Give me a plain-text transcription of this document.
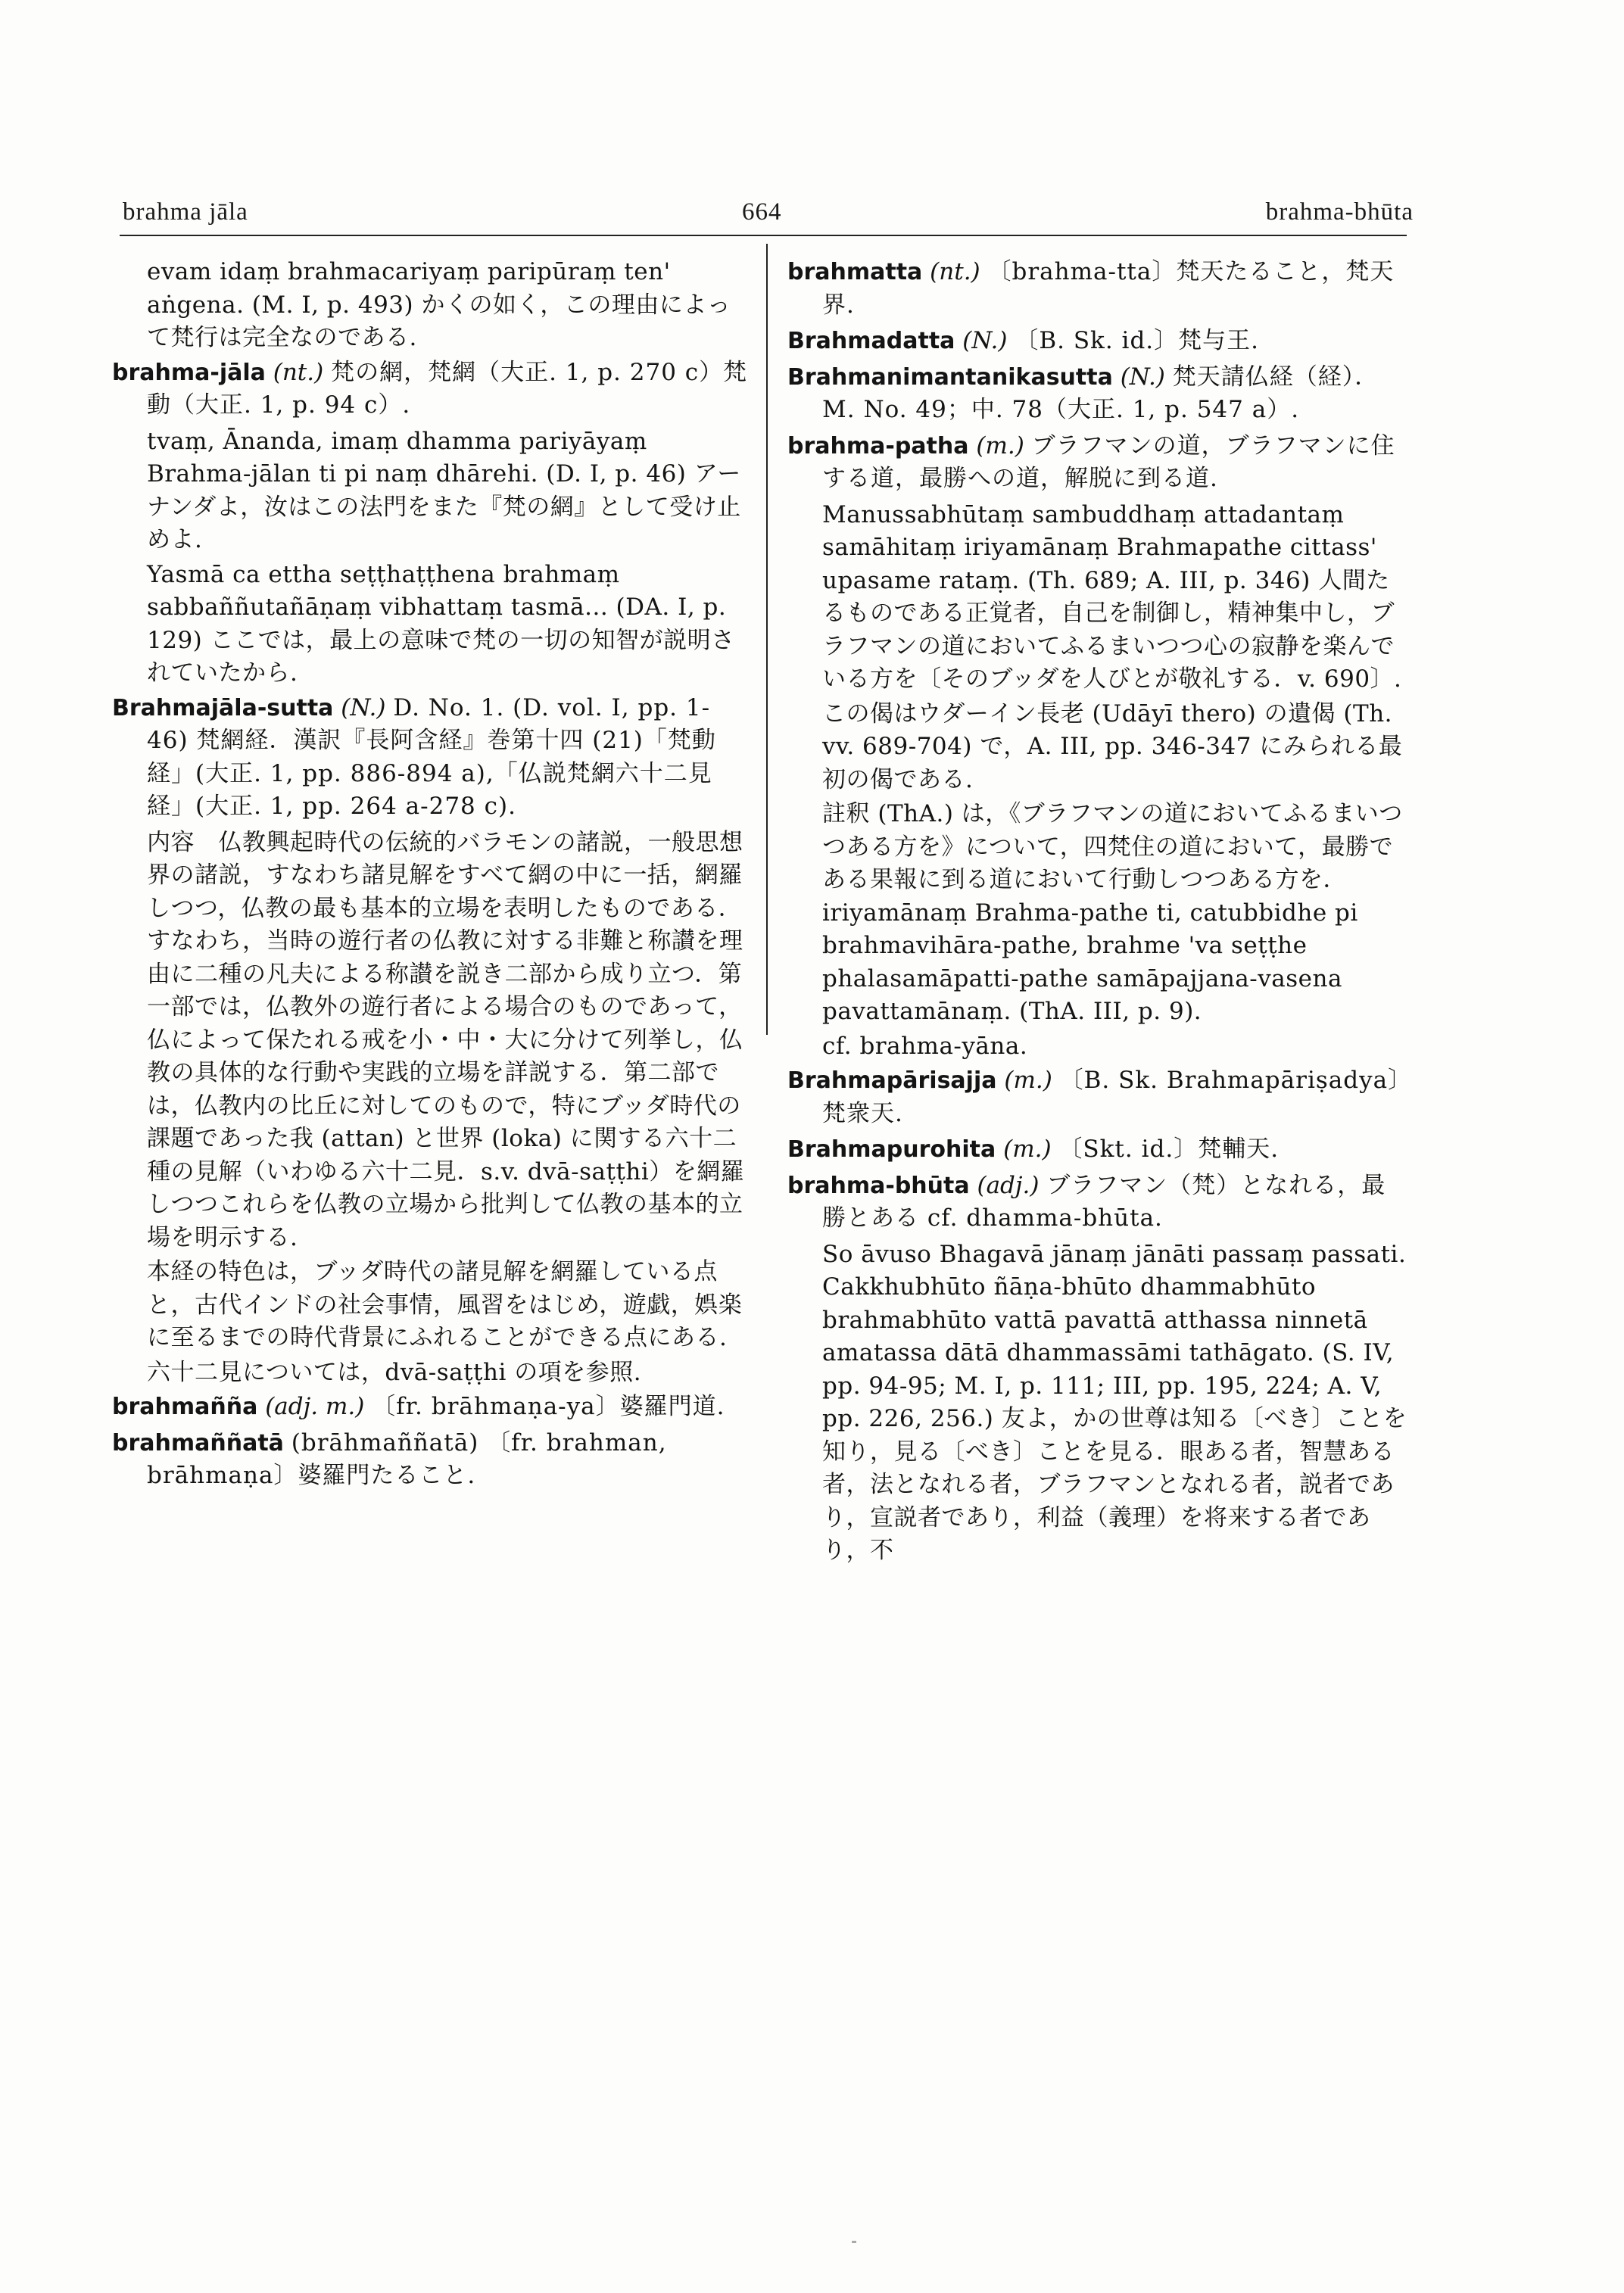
brahma jāla	664	brahma-bhūta

evam idaṃ brahmacariyaṃ paripūraṃ ten' aṅgena. (M. I, p. 493) かくの如く，この理由によって梵行は完全なのである.

brahma-jāla (nt.) 梵の網，梵網（大正. 1, p. 270 c）梵動（大正. 1, p. 94 c）.

tvaṃ, Ānanda, imaṃ dhamma pariyāyaṃ Brahma-jālan ti pi naṃ dhārehi. (D. I, p. 46) アーナンダよ，汝はこの法門をまた『梵の網』として受け止めよ.

Yasmā ca ettha seṭṭhaṭṭhena brahmaṃ sabbaññutañāṇaṃ vibhattaṃ tasmā... (DA. I, p. 129) ここでは，最上の意味で梵の一切の知智が説明されていたから.

Brahmajāla-sutta (N.) D. No. 1. (D. vol. I, pp. 1-46) 梵網経．漢訳『長阿含経』巻第十四 (21)「梵動経」(大正. 1, pp. 886-894 a),「仏説梵網六十二見経」(大正. 1, pp. 264 a-278 c).

内容　仏教興起時代の伝統的バラモンの諸説，一般思想界の諸説，すなわち諸見解をすべて網の中に一括，網羅しつつ，仏教の最も基本的立場を表明したものである．すなわち，当時の遊行者の仏教に対する非難と称讃を理由に二種の凡夫による称讃を説き二部から成り立つ．第一部では，仏教外の遊行者による場合のものであって，仏によって保たれる戒を小・中・大に分けて列挙し，仏教の具体的な行動や実践的立場を詳説する．第二部では，仏教内の比丘に対してのもので，特にブッダ時代の課題であった我 (attan) と世界 (loka) に関する六十二種の見解（いわゆる六十二見．s.v. dvā-saṭṭhi）を網羅しつつこれらを仏教の立場から批判して仏教の基本的立場を明示する.

本経の特色は，ブッダ時代の諸見解を網羅している点と，古代インドの社会事情，風習をはじめ，遊戯，娯楽に至るまでの時代背景にふれることができる点にある.

六十二見については，dvā-saṭṭhi の項を参照.

brahmañña (adj. m.) 〔fr. brāhmaṇa-ya〕婆羅門道.

brahmaññatā (brāhmaññatā) 〔fr. brahman, brāhmaṇa〕婆羅門たること.

brahmatta (nt.) 〔brahma-tta〕梵天たること，梵天界.

Brahmadatta (N.) 〔B. Sk. id.〕梵与王.

Brahmanimantanikasutta (N.) 梵天請仏経（経）．M. No. 49；中. 78（大正. 1, p. 547 a）.

brahma-patha (m.) ブラフマンの道，ブラフマンに住する道，最勝への道，解脱に到る道.

Manussabhūtaṃ sambuddhaṃ attadantaṃ samāhitaṃ iriyamānaṃ Brahmapathe cittass' upasame rataṃ. (Th. 689; A. III, p. 346) 人間たるものである正覚者，自己を制御し，精神集中し，ブラフマンの道においてふるまいつつ心の寂静を楽んでいる方を〔そのブッダを人びとが敬礼する．v. 690〕.

この偈はウダーイン長老 (Udāyī thero) の遺偈 (Th. vv. 689-704) で，A. III, pp. 346-347 にみられる最初の偈である.

註釈 (ThA.) は，《ブラフマンの道においてふるまいつつある方を》について，四梵住の道において，最勝である果報に到る道において行動しつつある方を．iriyamānaṃ Brahma-pathe ti, catubbidhe pi brahmavihāra-pathe, brahme 'va seṭṭhe phalasamāpatti-pathe samāpajjana-vasena pavattamānaṃ. (ThA. III, p. 9).

cf. brahma-yāna.

Brahmapārisajja (m.) 〔B. Sk. Brahmapāriṣadya〕梵衆天.

Brahmapurohita (m.) 〔Skt. id.〕梵輔天.

brahma-bhūta (adj.) ブラフマン（梵）となれる，最勝とある cf. dhamma-bhūta.

So āvuso Bhagavā jānaṃ jānāti passaṃ passati. Cakkhubhūto ñāṇa-bhūto dhammabhūto brahmabhūto vattā pavattā atthassa ninnetā amatassa dātā dhammassāmi tathāgato. (S. IV, pp. 94-95; M. I, p. 111; III, pp. 195, 224; A. V, pp. 226, 256.) 友よ，かの世尊は知る〔べき〕ことを知り，見る〔べき〕ことを見る．眼ある者，智慧ある者，法となれる者，ブラフマンとなれる者，説者であり，宣説者であり，利益（義理）を将来する者であり，不
